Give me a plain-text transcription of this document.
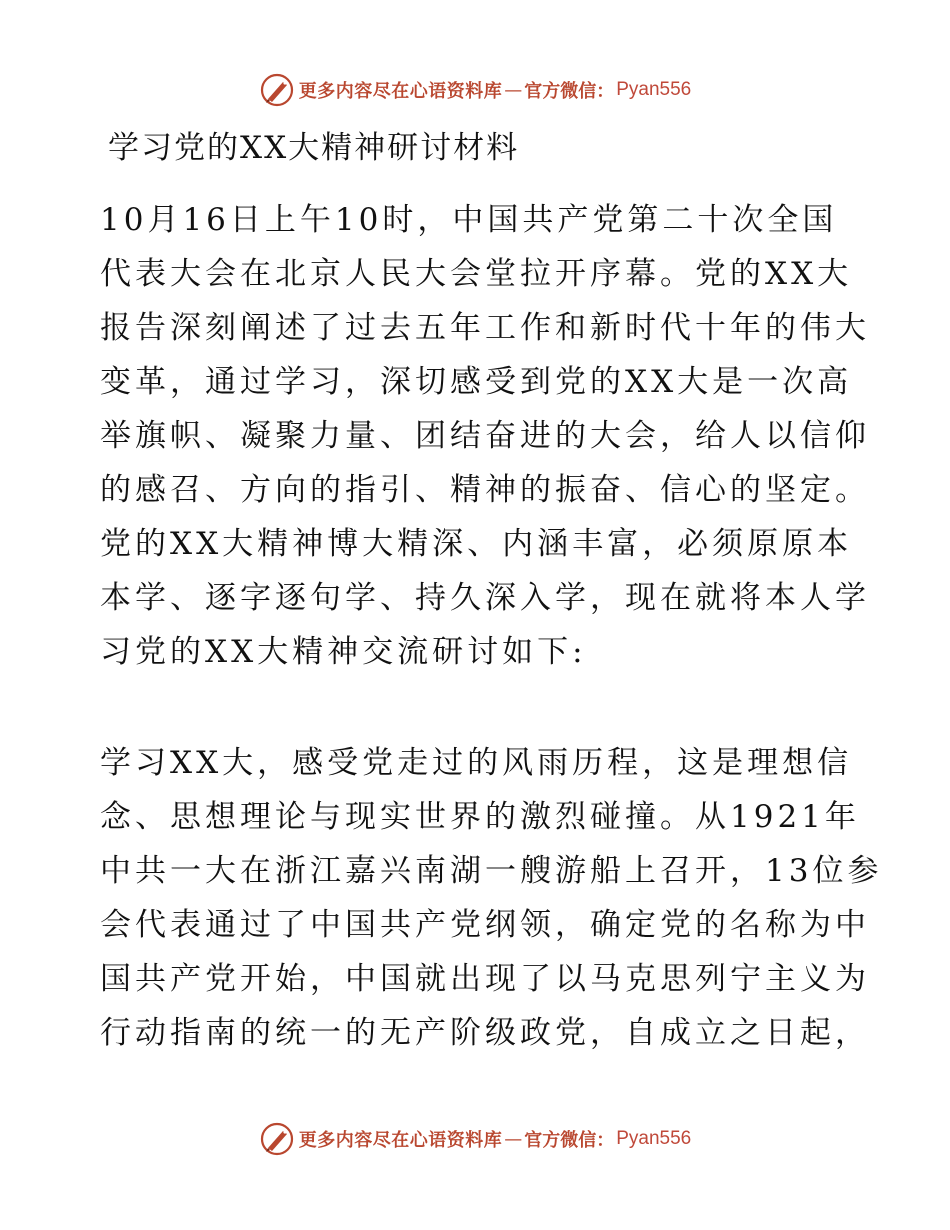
更多内容尽在心语资料库 — 官方微信： Pyan556
学习党的XX大精神研讨材料
10月16日上午10时，中国共产党第二十次全国
代表大会在北京人民大会堂拉开序幕。党的XX大
报告深刻阐述了过去五年工作和新时代十年的伟大
变革，通过学习，深切感受到党的XX大是一次高
举旗帜、凝聚力量、团结奋进的大会，给人以信仰
的感召、方向的指引、精神的振奋、信心的坚定。
党的XX大精神博大精深、内涵丰富，必须原原本
本学、逐字逐句学、持久深入学，现在就将本人学
习党的XX大精神交流研讨如下:
学习XX大，感受党走过的风雨历程，这是理想信
念、思想理论与现实世界的激烈碰撞。从1921年
中共一大在浙江嘉兴南湖一艘游船上召开，13位参
会代表通过了中国共产党纲领，确定党的名称为中
国共产党开始，中国就出现了以马克思列宁主义为
行动指南的统一的无产阶级政党，自成立之日起，
更多内容尽在心语资料库 — 官方微信： Pyan556
